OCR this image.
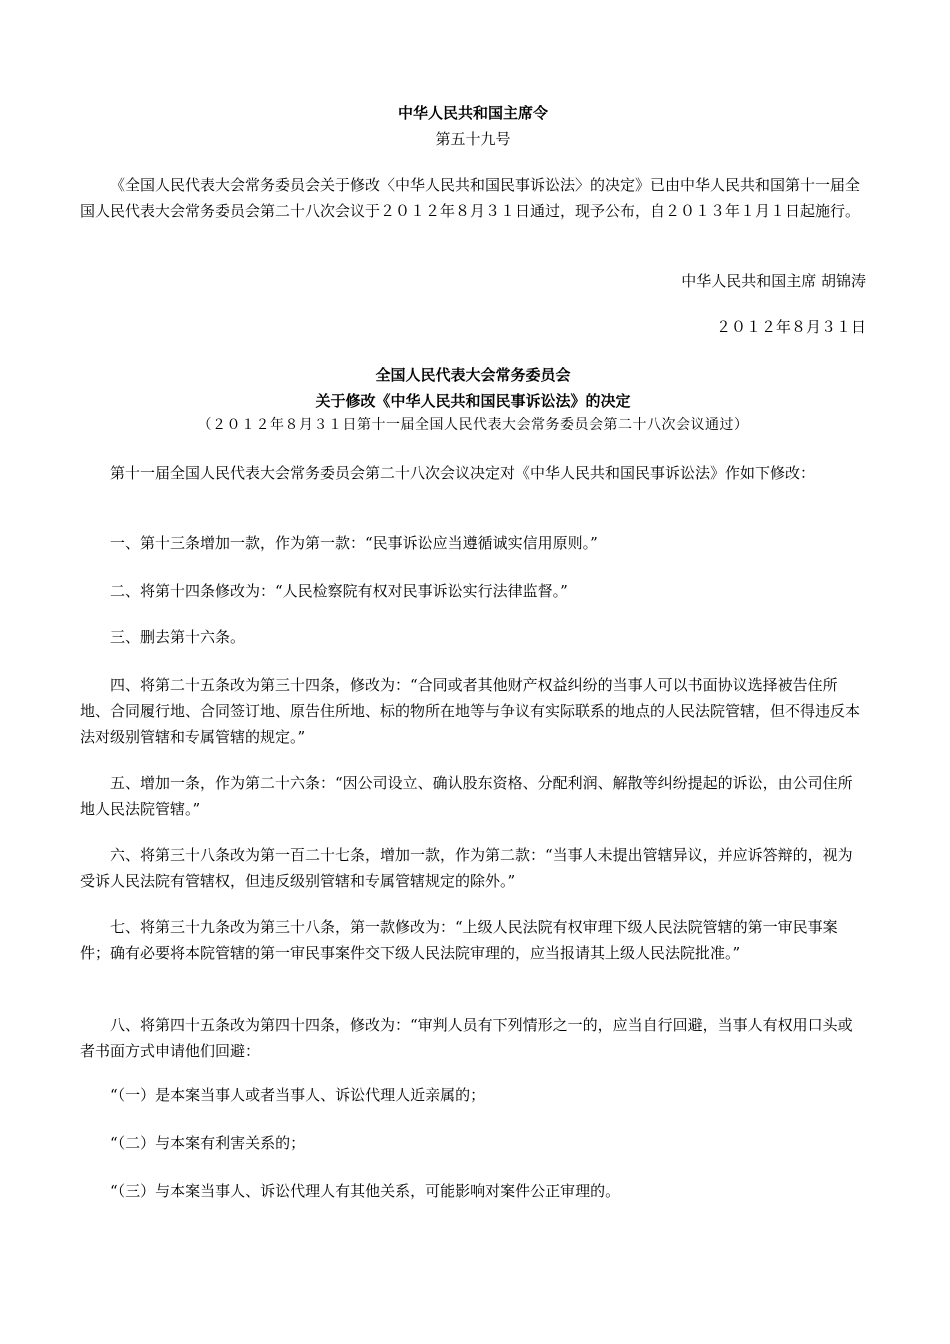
中华人民共和国主席令

第五十九号

《全国人民代表大会常务委员会关于修改〈中华人民共和国民事诉讼法〉的决定》已由中华人民共和国第十一届全国人民代表大会常务委员会第二十八次会议于２０１２年８月３１日通过，现予公布，自２０１３年１月１日起施行。

中华人民共和国主席 胡锦涛

２０１２年８月３１日

全国人民代表大会常务委员会

关于修改《中华人民共和国民事诉讼法》的决定

（２０１２年８月３１日第十一届全国人民代表大会常务委员会第二十八次会议通过）

第十一届全国人民代表大会常务委员会第二十八次会议决定对《中华人民共和国民事诉讼法》作如下修改：

一、第十三条增加一款，作为第一款：“民事诉讼应当遵循诚实信用原则。”

二、将第十四条修改为：“人民检察院有权对民事诉讼实行法律监督。”

三、删去第十六条。

四、将第二十五条改为第三十四条，修改为：“合同或者其他财产权益纠纷的当事人可以书面协议选择被告住所地、合同履行地、合同签订地、原告住所地、标的物所在地等与争议有实际联系的地点的人民法院管辖，但不得违反本法对级别管辖和专属管辖的规定。”

五、增加一条，作为第二十六条：“因公司设立、确认股东资格、分配利润、解散等纠纷提起的诉讼，由公司住所地人民法院管辖。”

六、将第三十八条改为第一百二十七条，增加一款，作为第二款：“当事人未提出管辖异议，并应诉答辩的，视为受诉人民法院有管辖权，但违反级别管辖和专属管辖规定的除外。”

七、将第三十九条改为第三十八条，第一款修改为：“上级人民法院有权审理下级人民法院管辖的第一审民事案件；确有必要将本院管辖的第一审民事案件交下级人民法院审理的，应当报请其上级人民法院批准。”

八、将第四十五条改为第四十四条，修改为：“审判人员有下列情形之一的，应当自行回避，当事人有权用口头或者书面方式申请他们回避：

“（一）是本案当事人或者当事人、诉讼代理人近亲属的；

“（二）与本案有利害关系的；

“（三）与本案当事人、诉讼代理人有其他关系，可能影响对案件公正审理的。
